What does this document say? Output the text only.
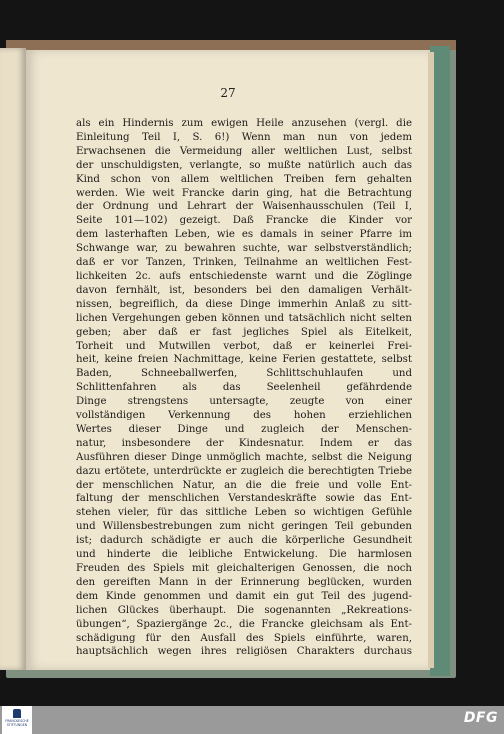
27
als ein Hindernis zum ewigen Heile anzusehen (vergl. die
Einleitung Teil I, S. 6!) Wenn man nun von jedem
Erwachsenen die Vermeidung aller weltlichen Lust, selbst
der unschuldigsten, verlangte, so mußte natürlich auch das
Kind schon von allem weltlichen Treiben fern gehalten
werden. Wie weit Francke darin ging, hat die Betrachtung
der Ordnung und Lehrart der Waisenhausschulen (Teil I,
Seite 101—102) gezeigt. Daß Francke die Kinder vor
dem lasterhaften Leben, wie es damals in seiner Pfarre im
Schwange war, zu bewahren suchte, war selbstverständlich;
daß er vor Tanzen, Trinken, Teilnahme an weltlichen Fest-
lichkeiten 2c. aufs entschiedenste warnt und die Zöglinge
davon fernhält, ist, besonders bei den damaligen Verhält-
nissen, begreiflich, da diese Dinge immerhin Anlaß zu sitt-
lichen Vergehungen geben können und tatsächlich nicht selten
geben; aber daß er fast jegliches Spiel als Eitelkeit,
Torheit und Mutwillen verbot, daß er keinerlei Frei-
heit, keine freien Nachmittage, keine Ferien gestattete, selbst
Baden, Schneeballwerfen, Schlittschuhlaufen und
Schlittenfahren als das Seelenheil gefährdende
Dinge strengstens untersagte, zeugte von einer
vollständigen Verkennung des hohen erziehlichen
Wertes dieser Dinge und zugleich der Menschen-
natur, insbesondere der Kindesnatur. Indem er das
Ausführen dieser Dinge unmöglich machte, selbst die Neigung
dazu ertötete, unterdrückte er zugleich die berechtigten Triebe
der menschlichen Natur, an die die freie und volle Ent-
faltung der menschlichen Verstandeskräfte sowie das Ent-
stehen vieler, für das sittliche Leben so wichtigen Gefühle
und Willensbestrebungen zum nicht geringen Teil gebunden
ist; dadurch schädigte er auch die körperliche Gesundheit
und hinderte die leibliche Entwickelung. Die harmlosen
Freuden des Spiels mit gleichalterigen Genossen, die noch
den gereiften Mann in der Erinnerung beglücken, wurden
dem Kinde genommen und damit ein gut Teil des jugend-
lichen Glückes überhaupt. Die sogenannten „Rekreations-
übungen“, Spaziergänge 2c., die Francke gleichsam als Ent-
schädigung für den Ausfall des Spiels einführte, waren,
hauptsächlich wegen ihres religiösen Charakters durchaus
FRANCKESCHE STIFTUNGEN	DFG
